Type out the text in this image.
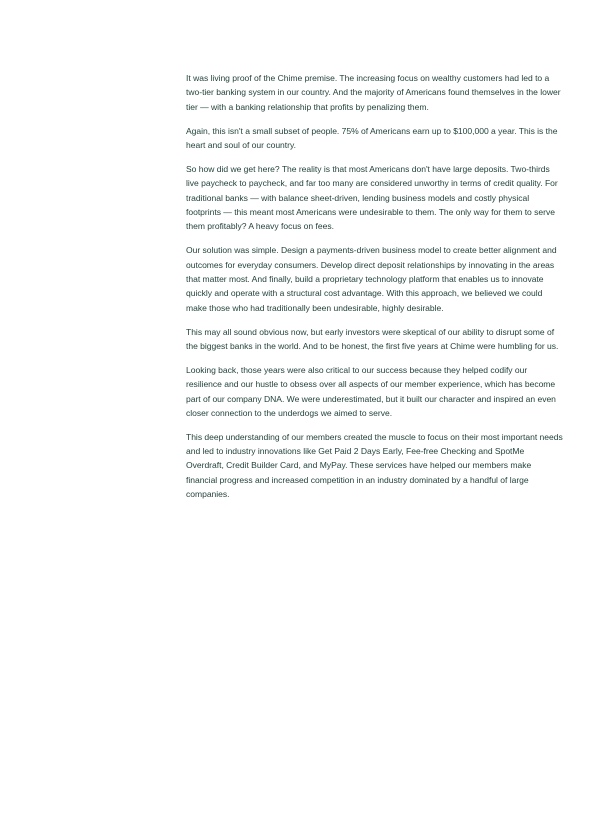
It was living proof of the Chime premise. The increasing focus on wealthy customers had led to a two-tier banking system in our country. And the majority of Americans found themselves in the lower tier — with a banking relationship that profits by penalizing them.

Again, this isn't a small subset of people. 75% of Americans earn up to $100,000 a year. This is the heart and soul of our country.

So how did we get here? The reality is that most Americans don't have large deposits. Two-thirds live paycheck to paycheck, and far too many are considered unworthy in terms of credit quality. For traditional banks — with balance sheet-driven, lending business models and costly physical footprints — this meant most Americans were undesirable to them. The only way for them to serve them profitably? A heavy focus on fees.

Our solution was simple. Design a payments-driven business model to create better alignment and outcomes for everyday consumers. Develop direct deposit relationships by innovating in the areas that matter most. And finally, build a proprietary technology platform that enables us to innovate quickly and operate with a structural cost advantage. With this approach, we believed we could make those who had traditionally been undesirable, highly desirable.

This may all sound obvious now, but early investors were skeptical of our ability to disrupt some of the biggest banks in the world. And to be honest, the first five years at Chime were humbling for us.

Looking back, those years were also critical to our success because they helped codify our resilience and our hustle to obsess over all aspects of our member experience, which has become part of our company DNA. We were underestimated, but it built our character and inspired an even closer connection to the underdogs we aimed to serve.

This deep understanding of our members created the muscle to focus on their most important needs and led to industry innovations like Get Paid 2 Days Early, Fee-free Checking and SpotMe Overdraft, Credit Builder Card, and MyPay. These services have helped our members make financial progress and increased competition in an industry dominated by a handful of large companies.
